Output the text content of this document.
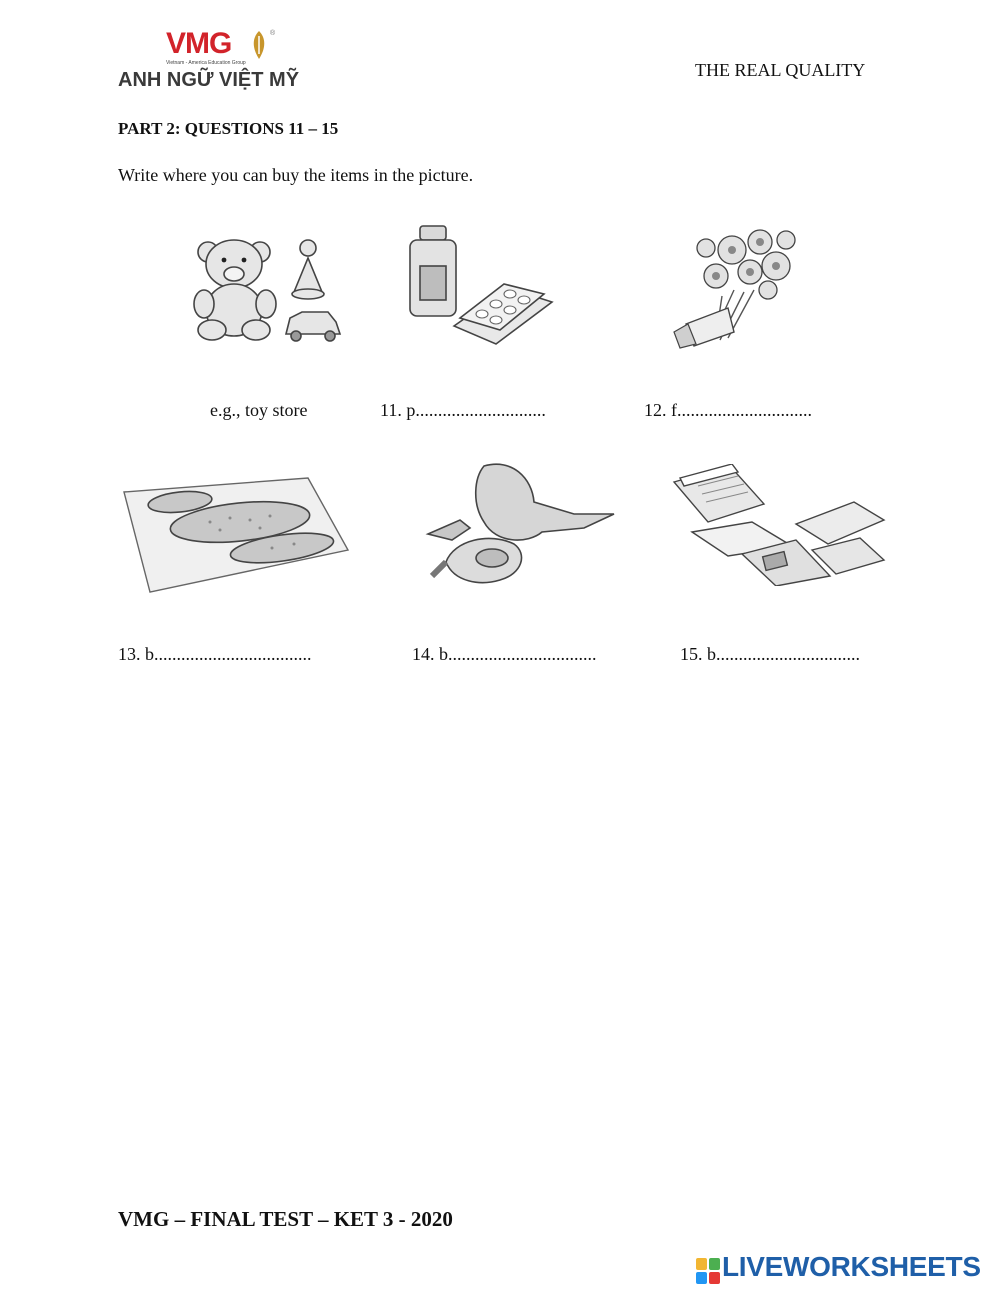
VMG	®
Vietnam - America Education Group
ANH NGỮ VIỆT MỸ	THE REAL QUALITY
PART 2: QUESTIONS 11 – 15
Write where you can buy the items in the picture.
e.g., toy store	11. p.............................	12. f..............................
13. b...................................	14. b.................................	15. b................................
VMG – FINAL TEST – KET 3 - 2020
LIVEWORKSHEETS
